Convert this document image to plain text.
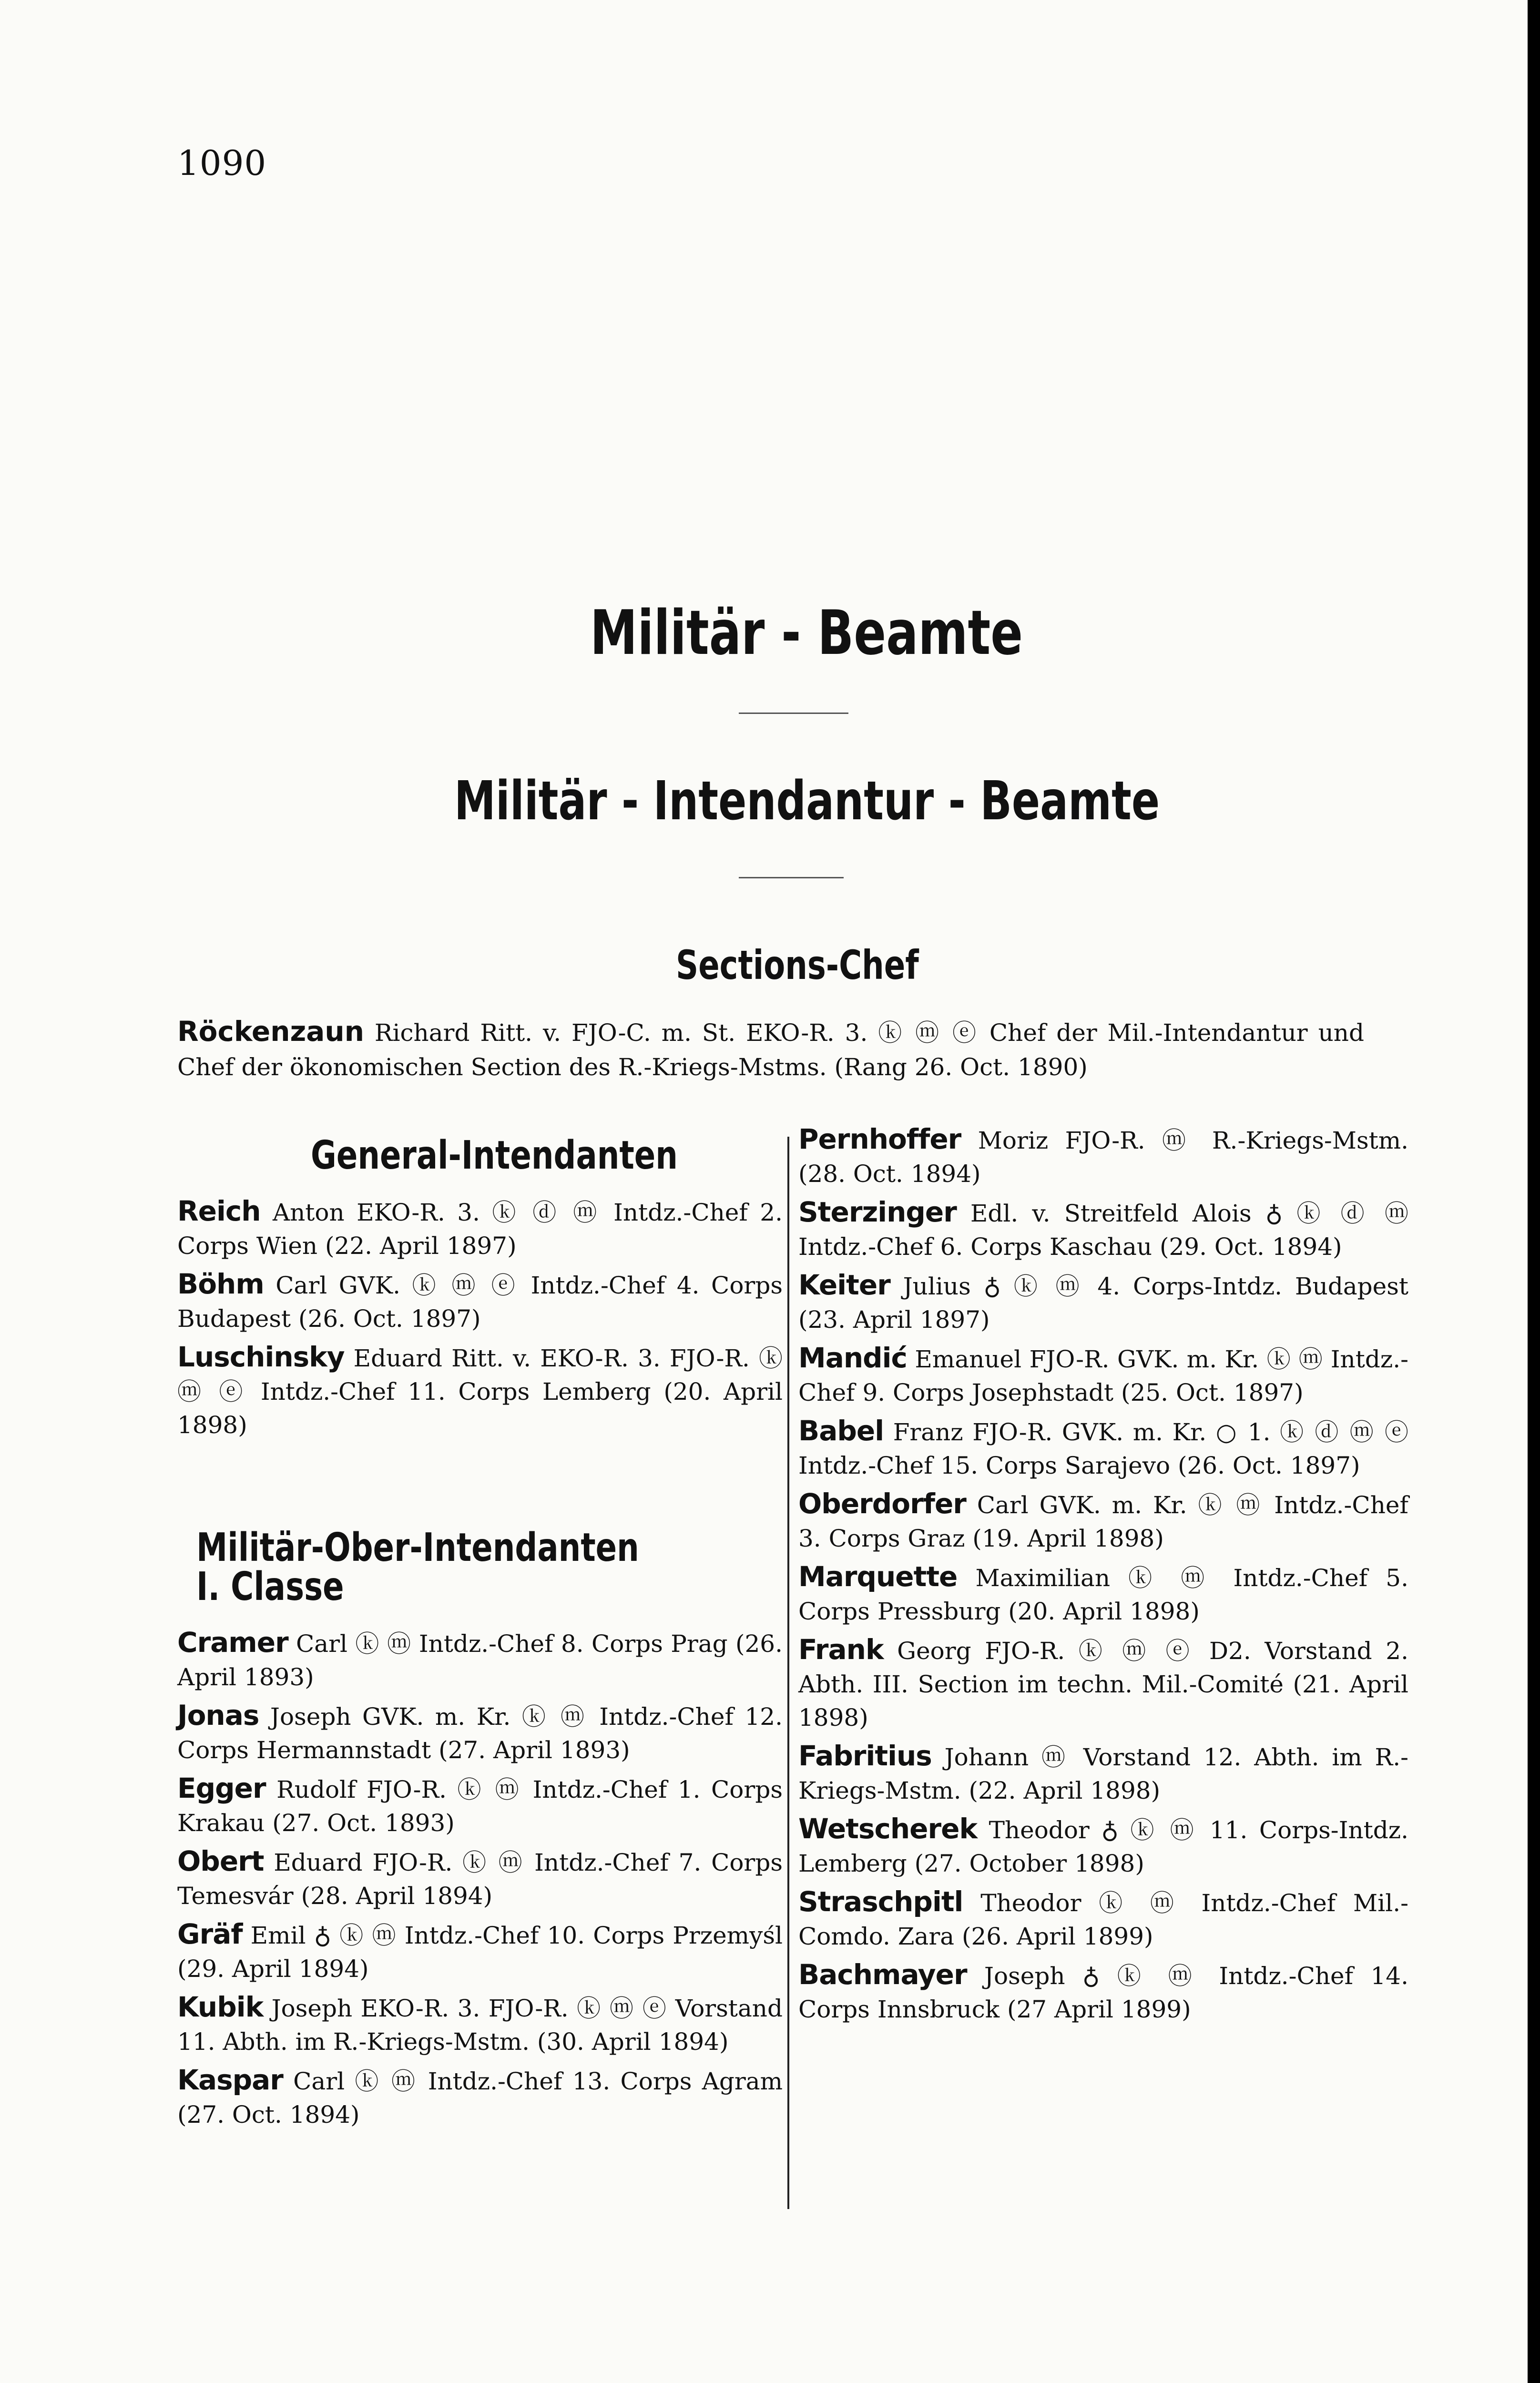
1090
Militär - Beamte
Militär - Intendantur - Beamte
Sections-Chef
Röckenzaun Richard Ritt. v. FJO-C. m. St. EKO-R. 3. ⓚ ⓜ ⓔ Chef der Mil.-Intendantur und Chef der ökonomischen Section des R.-Kriegs-Mstms. (Rang 26. Oct. 1890)
General-Intendanten
Reich Anton EKO-R. 3. ⓚ ⓓ ⓜ Intdz.-Chef 2. Corps Wien (22. April 1897)
Böhm Carl GVK. ⓚ ⓜ ⓔ Intdz.-Chef 4. Corps Budapest (26. Oct. 1897)
Luschinsky Eduard Ritt. v. EKO-R. 3. FJO-R. ⓚ ⓜ ⓔ Intdz.-Chef 11. Corps Lemberg (20. April 1898)
Militär-Ober-Intendanten I. Classe
Cramer Carl ⓚ ⓜ Intdz.-Chef 8. Corps Prag (26. April 1893)
Jonas Joseph GVK. m. Kr. ⓚ ⓜ Intdz.-Chef 12. Corps Hermannstadt (27. April 1893)
Egger Rudolf FJO-R. ⓚ ⓜ Intdz.-Chef 1. Corps Krakau (27. Oct. 1893)
Obert Eduard FJO-R. ⓚ ⓜ Intdz.-Chef 7. Corps Temesvár (28. April 1894)
Gräf Emil ♁ ⓚ ⓜ Intdz.-Chef 10. Corps Przemyśl (29. April 1894)
Kubik Joseph EKO-R. 3. FJO-R. ⓚ ⓜ ⓔ Vorstand 11. Abth. im R.-Kriegs-Mstm. (30. April 1894)
Kaspar Carl ⓚ ⓜ Intdz.-Chef 13. Corps Agram (27. Oct. 1894)
Pernhoffer Moriz FJO-R. ⓜ R.-Kriegs-Mstm. (28. Oct. 1894)
Sterzinger Edl. v. Streitfeld Alois ♁ ⓚ ⓓ ⓜ Intdz.-Chef 6. Corps Kaschau (29. Oct. 1894)
Keiter Julius ♁ ⓚ ⓜ 4. Corps-Intdz. Budapest (23. April 1897)
Mandić Emanuel FJO-R. GVK. m. Kr. ⓚ ⓜ Intdz.-Chef 9. Corps Josephstadt (25. Oct. 1897)
Babel Franz FJO-R. GVK. m. Kr. ○ 1. ⓚ ⓓ ⓜ ⓔ Intdz.-Chef 15. Corps Sarajevo (26. Oct. 1897)
Oberdorfer Carl GVK. m. Kr. ⓚ ⓜ Intdz.-Chef 3. Corps Graz (19. April 1898)
Marquette Maximilian ⓚ ⓜ Intdz.-Chef 5. Corps Pressburg (20. April 1898)
Frank Georg FJO-R. ⓚ ⓜ ⓔ D2. Vorstand 2. Abth. III. Section im techn. Mil.-Comité (21. April 1898)
Fabritius Johann ⓜ Vorstand 12. Abth. im R.-Kriegs-Mstm. (22. April 1898)
Wetscherek Theodor ♁ ⓚ ⓜ 11. Corps-Intdz. Lemberg (27. October 1898)
Straschpitl Theodor ⓚ ⓜ Intdz.-Chef Mil.-Comdo. Zara (26. April 1899)
Bachmayer Joseph ♁ ⓚ ⓜ Intdz.-Chef 14. Corps Innsbruck (27 April 1899)
